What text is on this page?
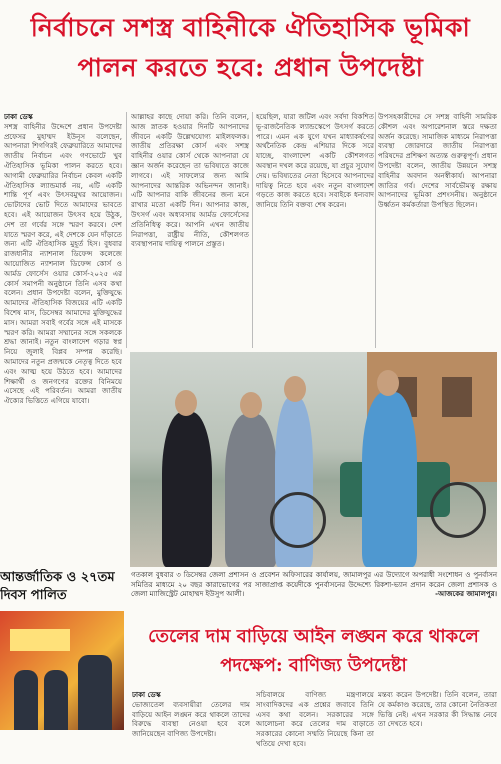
নির্বাচনে সশস্ত্র বাহিনীকে ঐতিহাসিক ভূমিকা পালন করতে হবে: প্রধান উপদেষ্টা
ঢাকা ডেস্ক
সশস্ত্র বাহিনীর উদ্দেশে প্রধান উপদেষ্টা প্রফেসর মুহাম্মদ ইউনূস বলেছেন, আপনারা শিগগিরই ফেব্রুয়ারিতে আমাদের জাতীয় নির্বাচন এবং গণভোটে খুব ঐতিহাসিক ভূমিকা পালন করতে হবে। আগামী ফেব্রুয়ারির নির্বাচন কেবল একটি ঐতিহাসিক ল্যান্ডমার্ক নয়, এটি একটি শান্তি পূর্ণ এবং উৎসবমুখর আয়োজন। ভোটাদের ভোট দিতে আমাদের ভাবতে হবে। এই আয়োজন উৎসব হয়ে উঠুক, দেশ তা গর্বের সঙ্গে স্মরণ করবে। দেশ যাতে স্মরণ করে, এই দেশকে যেন দাঁড়াতে জন্য এটি ঐতিহাসিক মুহূর্ত হিস। বুধবার রাজধানীর ন্যাশনাল ডিফেন্স কলেজে আয়োজিত ন্যাশনাল ডিফেন্স কোর্স ও আর্মড ফোর্সেস ওয়ার কোর্স-২০২৫ এর কোর্স সমাপনী অনুষ্ঠানে তিনি এসব কথা বলেন। প্রধান উপদেষ্টা বলেন, মুক্তিযুদ্ধে আমাদের ঐতিহাসিক বিজয়ের এটি একটি বিশেষ মাস, ডিসেম্বর আমাদের মুক্তিযুদ্ধের মাস। আমরা সবাই গর্বের সঙ্গে এই মাসকে স্মরণ করি। আমরা সম্মানের সঙ্গে সকলকে শ্রদ্ধা জানাই। নতুন বাংলাদেশ গড়ার স্বপ্ন নিয়ে জুলাই বিপ্লব সম্পন্ন করেছি। আমাদের নতুন প্রজন্মকে নেতৃত্ব দিতে হবে এবং আত্ম হয়ে উঠতে হবে। আমাদের শিক্ষার্থী ও জনগণের রক্তের বিনিময়ে এসেছে এই পরিবর্তন। আমরা জাতীয় ঐক্যের ভিত্তিতে এগিয়ে যাবো।
আল্লাহর কাছে দোয়া করি। তিনি বলেন, আজ স্নাতক হওয়ার দিনটি আপনাদের জীবনে একটি উল্লেখযোগ্য মাইলফলক। জাতীয় প্রতিরক্ষা কোর্স এবং সশস্ত্র বাহিনীর ওয়ার কোর্স থেকে আপনারা যে জ্ঞান অর্জন করেছেন তা ভবিষ্যতে কাজে লাগবে। এই সাফল্যের জন্য আমি আপনাদের আন্তরিক অভিনন্দন জানাই। এটি আপনার বাকি জীবনের জন্য মনে রাখার মতো একটি দিন। আপনার কাজ, উৎসর্গ এবং অধ্যবসায় আর্মড ফোর্সেসের প্রতিনিধিত্ব করে। আপনি এখন জাতীয় নিরাপত্তা, রাষ্ট্রীয় নীতি, কৌশলগত ব্যবস্থাপনায় দায়িত্ব পালনে প্রস্তুত।
হয়েছিল, যারা জটিল এবং সর্বদা বিকশিত ভূ-রাজনৈতিক ল্যান্ডস্কেপে উৎসর্গ করতে পারে। এমন এক যুগে যখন মাধ্যাকর্ষণের অর্থনৈতিক কেন্দ্র এশিয়ার দিকে সরে যাচ্ছে, বাংলাদেশ একটি কৌশলগত অবস্থান দখল করে রয়েছে, যা প্রচুর সুযোগ দেয়। ভবিষ্যতের নেতা হিসেবে আপনাদের দায়িত্ব নিতে হবে এবং নতুন বাংলাদেশ গড়তে কাজ করতে হবে। সবাইকে ধন্যবাদ জানিয়ে তিনি বক্তব্য শেষ করেন।
উপসহকারীদের সে সশস্ত্র বাহিনী সামরিক কৌশল এবং অপারেশনাল স্তরে দক্ষতা অর্জন করেছে। সামাজিক মাধ্যমে নিরাপত্তা ব্যবস্থা জোরদারে জাতীয় নিরাপত্তা পরিষদের প্রশিক্ষণ অত্যন্ত গুরুত্বপূর্ণ। প্রধান উপদেষ্টা বলেন, জাতীয় উন্নয়নে সশস্ত্র বাহিনীর অবদান অনস্বীকার্য। আপনারা জাতির গর্ব। দেশের সার্বভৌমত্ব রক্ষায় আপনাদের ভূমিকা প্রশংসনীয়। অনুষ্ঠানে উর্ধ্বতন কর্মকর্তারা উপস্থিত ছিলেন।
গতকাল বুধবার ৩ ডিসেম্বর জেলা প্রশাসন ও প্রবেশন অফিসারের কার্যালয়, জামালপুর এর উদ্যোগে অপরাধী সংশোধন ও পুনর্বাসন সমিতির মাধ্যমে ২০ বছর কারাভোগের পর সাজাপ্রাপ্ত কয়েদীকে পুনর্বাসনের উদ্দেশ্যে রিকশা-ভ্যান প্রদান করেন জেলা প্রশাসক ও জেলা ম্যাজিস্ট্রেট মোহাম্মদ ইউসুপ আলী।	-আজকের জামালপুর।
আন্তর্জাতিক ও ২৭তম
দিবস পালিত
তেলের দাম বাড়িয়ে আইন লঙ্ঘন করে থাকলে পদক্ষেপ: বাণিজ্য উপদেষ্টা
ঢাকা ডেস্ক
ভোজ্যতেল ব্যবসায়ীরা তেলের দাম বাড়িয়ে আইন লঙ্ঘন করে থাকলে তাদের বিরুদ্ধে ব্যবস্থা নেওয়া হবে বলে জানিয়েছেন বাণিজ্য উপদেষ্টা।
সচিবালয়ে বাণিজ্য মন্ত্রণালয়ে সাংবাদিকদের এক প্রশ্নের জবাবে তিনি এসব কথা বলেন। সরকারের সঙ্গে আলোচনা করে তেলের দাম বাড়াতে সরকারের কোনো সম্মতি নিয়েছে কিনা তা খতিয়ে দেখা হবে।
মন্তব্য করেন উপদেষ্টা। তিনি বলেন, তারা যে কর্মকাণ্ড করেছে, তার কোনো নৈতিকতা ভিত্তি নেই। এখন সরকার কী সিদ্ধান্ত নেবে তা দেখতে হবে।
